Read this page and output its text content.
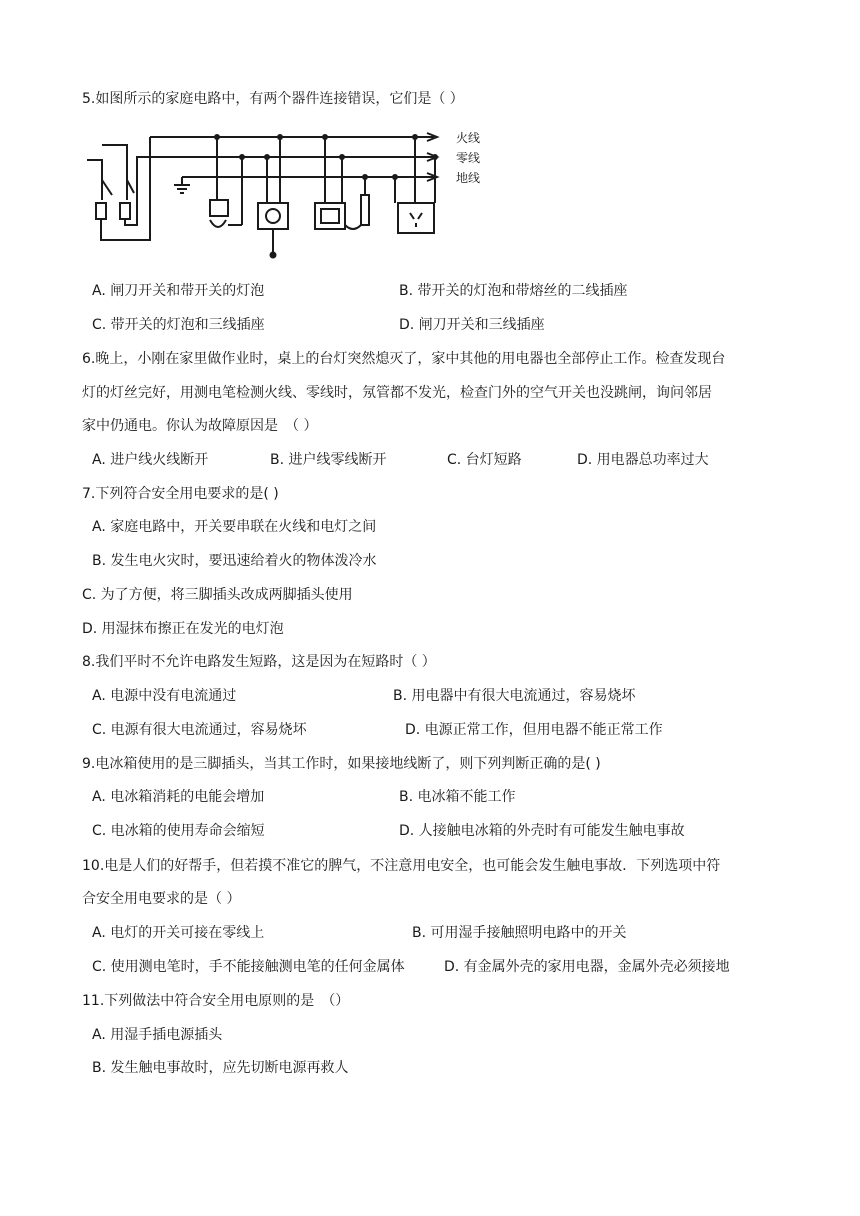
5.如图所示的家庭电路中，有两个器件连接错误，它们是（ ）
火线
零线
地线
A. 闸刀开关和带开关的灯泡	B. 带开关的灯泡和带熔丝的二线插座
C. 带开关的灯泡和三线插座	D. 闸刀开关和三线插座
6.晚上，小刚在家里做作业时，桌上的台灯突然熄灭了，家中其他的用电器也全部停止工作。检查发现台
灯的灯丝完好，用测电笔检测火线、零线时，氖管都不发光，检查门外的空气开关也没跳闸，询问邻居
家中仍通电。你认为故障原因是　（ ）
A. 进户线火线断开	B. 进户线零线断开	C. 台灯短路	D. 用电器总功率过大
7.下列符合安全用电要求的是( )
A. 家庭电路中，开关要串联在火线和电灯之间
B. 发生电火灾时，要迅速给着火的物体泼冷水
C. 为了方便，将三脚插头改成两脚插头使用
D. 用湿抹布擦正在发光的电灯泡
8.我们平时不允许电路发生短路，这是因为在短路时（ ）
A. 电源中没有电流通过	B. 用电器中有很大电流通过，容易烧坏
C. 电源有很大电流通过，容易烧坏	D. 电源正常工作，但用电器不能正常工作
9.电冰箱使用的是三脚插头，当其工作时，如果接地线断了，则下列判断正确的是( )
A. 电冰箱消耗的电能会增加	B. 电冰箱不能工作
C. 电冰箱的使用寿命会缩短	D. 人接触电冰箱的外壳时有可能发生触电事故
10.电是人们的好帮手，但若摸不准它的脾气，不注意用电安全，也可能会发生触电事故．下列选项中符
合安全用电要求的是（ ）
A. 电灯的开关可接在零线上	B. 可用湿手接触照明电路中的开关
C. 使用测电笔时，手不能接触测电笔的任何金属体	D. 有金属外壳的家用电器，金属外壳必须接地
11.下列做法中符合安全用电原则的是　（）
A. 用湿手插电源插头
B. 发生触电事故时，应先切断电源再救人
